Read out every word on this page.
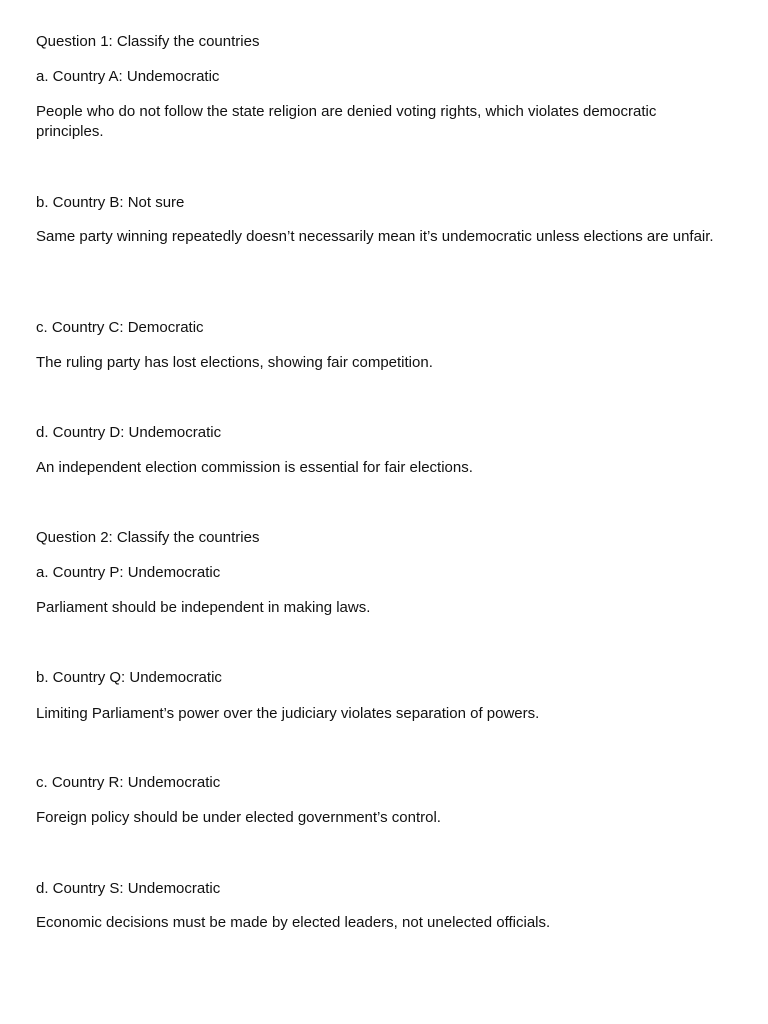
Question 1: Classify the countries
a. Country A: Undemocratic
People who do not follow the state religion are denied voting rights, which violates democratic principles.
b. Country B: Not sure
Same party winning repeatedly doesn’t necessarily mean it’s undemocratic unless elections are unfair.
c. Country C: Democratic
The ruling party has lost elections, showing fair competition.
d. Country D: Undemocratic
An independent election commission is essential for fair elections.
Question 2: Classify the countries
a. Country P: Undemocratic
Parliament should be independent in making laws.
b. Country Q: Undemocratic
Limiting Parliament’s power over the judiciary violates separation of powers.
c. Country R: Undemocratic
Foreign policy should be under elected government’s control.
d. Country S: Undemocratic
Economic decisions must be made by elected leaders, not unelected officials.
